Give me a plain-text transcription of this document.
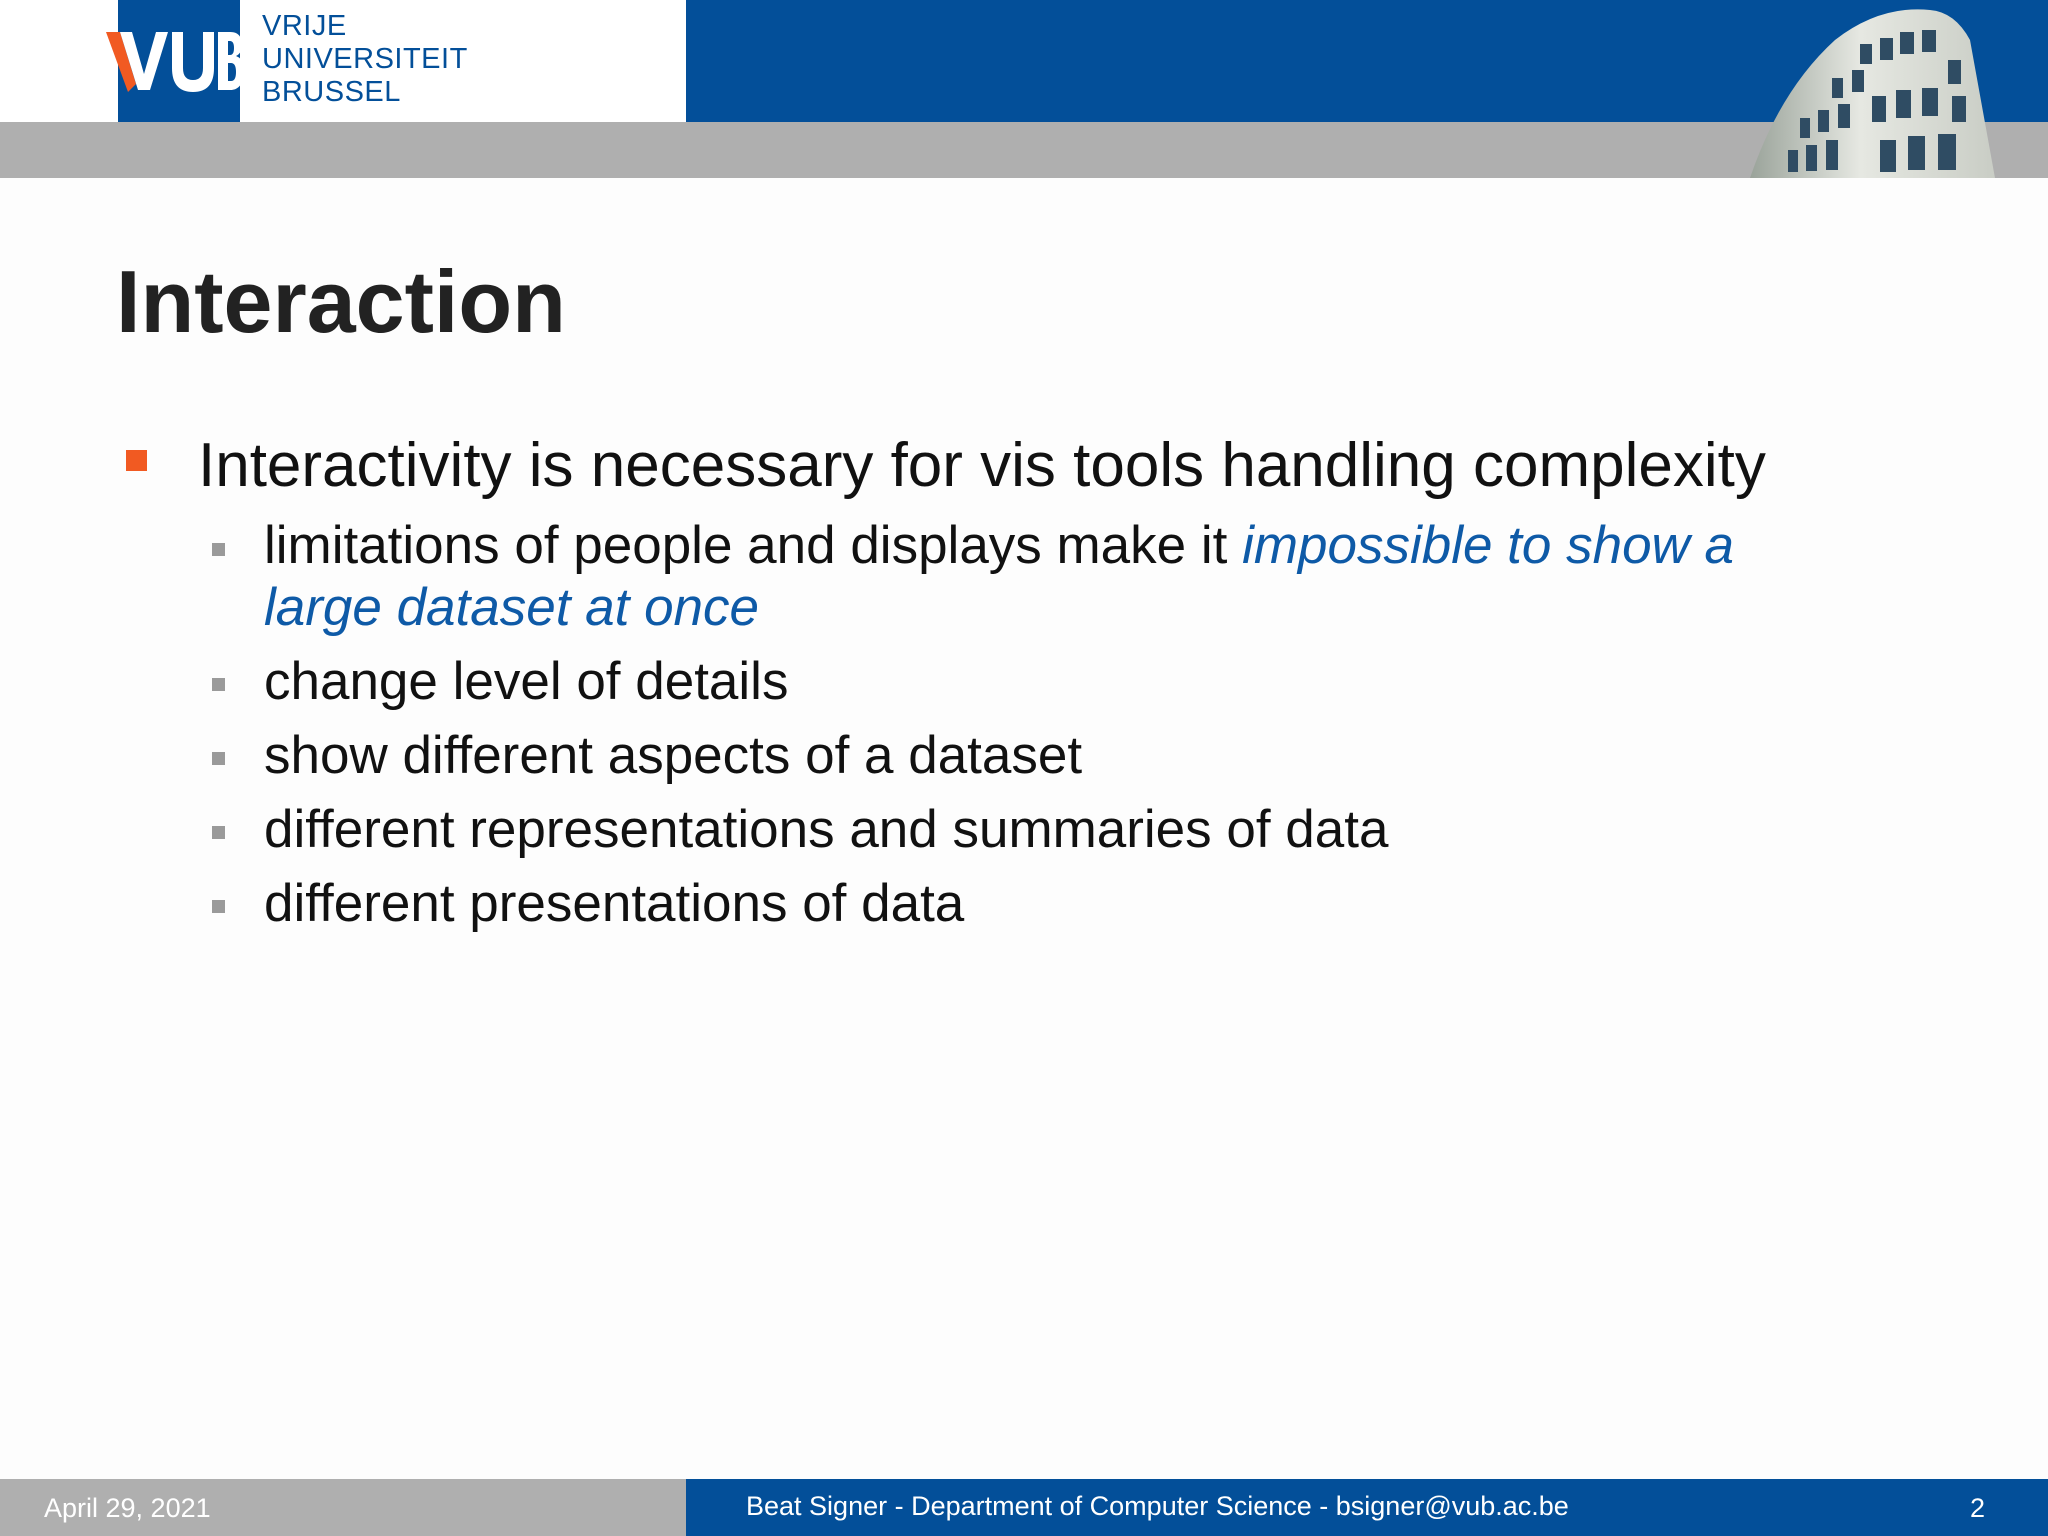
VRIJE
UNIVERSITEIT
BRUSSEL
Interaction
Interactivity is necessary for vis tools handling complexity
limitations of people and displays make it impossible to show a
large dataset at once
change level of details
show different aspects of a dataset
different representations and summaries of data
different presentations of data
April 29, 2021	Beat Signer - Department of Computer Science - bsigner@vub.ac.be	2
